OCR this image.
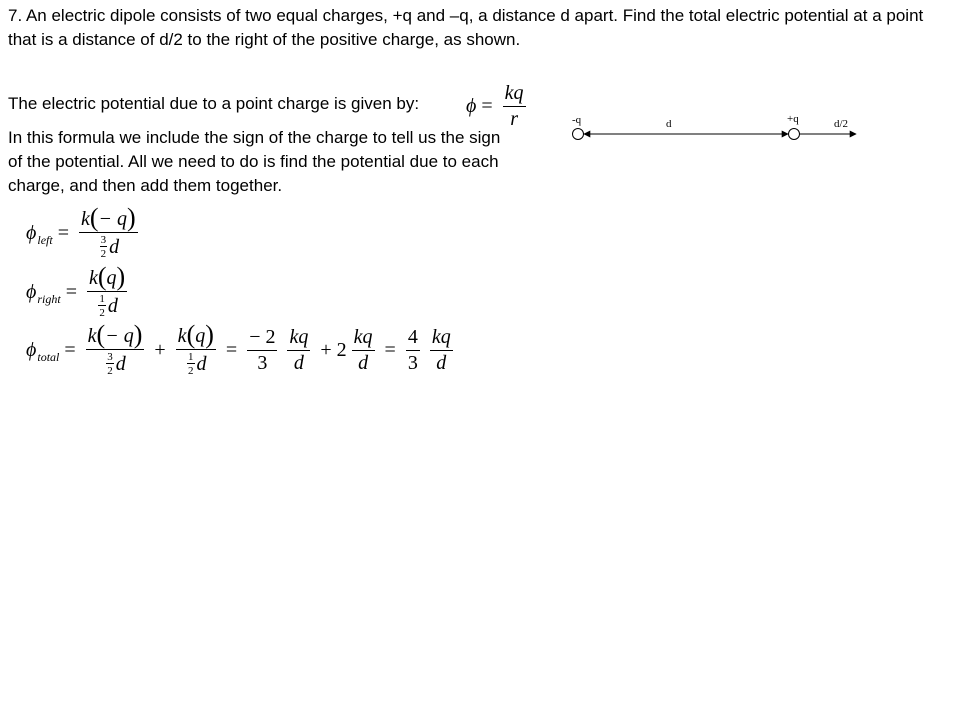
7. An electric dipole consists of two equal charges, +q and –q, a distance d apart. Find the total electric potential at a point that is a distance of d/2 to the right of the positive charge, as shown.

The electric potential due to a point charge is given by: $\phi = \frac{kq}{r}$

In this formula we include the sign of the charge to tell us the sign of the potential. All we need to do is find the potential due to each charge, and then add them together.

-q	+q
d	d/2
ϕ left = $\frac{k(- q)}{\frac{3}{2} d}$
ϕ right = $\frac{k(q)}{\frac{1}{2} d}$
ϕ total = $\frac{k(- q)}{\frac{3}{2} d} + \frac{k(q)}{\frac{1}{2} d} = \frac{- 2}{3} \frac{kq}{d} + 2 \frac{kq}{d} = \frac{4}{3} \frac{kq}{d}$
